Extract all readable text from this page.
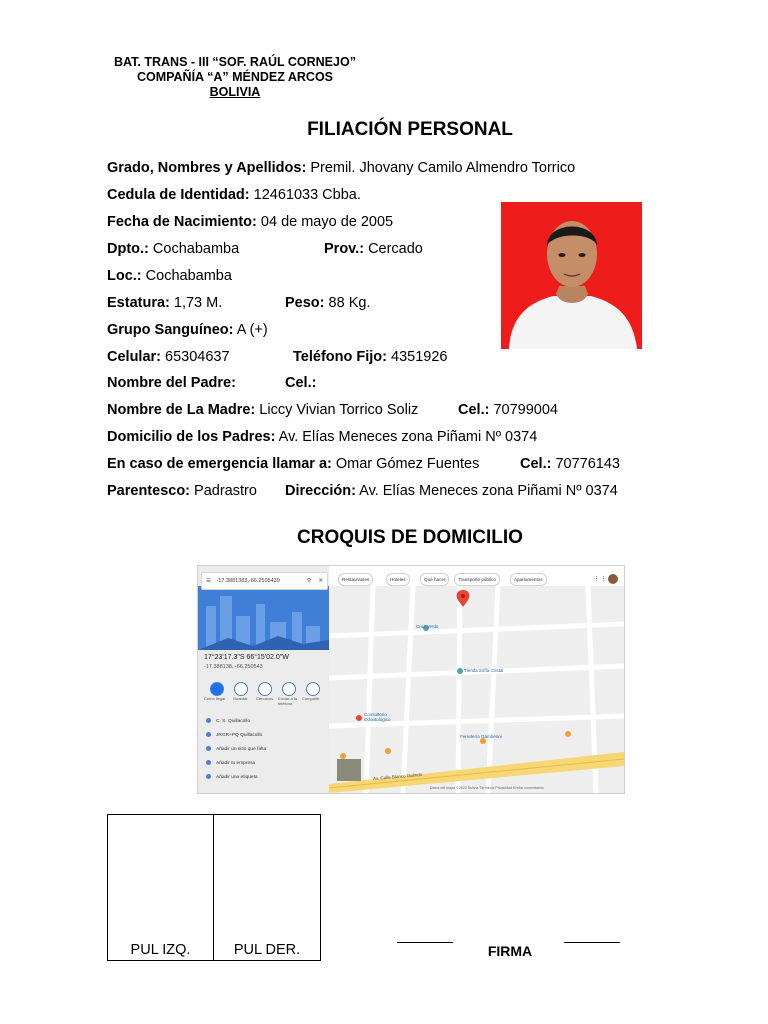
BAT. TRANS - III “SOF. RAÚL CORNEJO”
COMPAÑÍA “A” MÉNDEZ ARCOS
BOLIVIA
FILIACIÓN PERSONAL
Grado, Nombres y Apellidos: Premil. Jhovany Camilo Almendro Torrico
Cedula de Identidad: 12461033 Cbba.
Fecha de Nacimiento: 04 de mayo de 2005
Dpto.: Cochabamba	Prov.: Cercado
Loc.: Cochabamba
Estatura: 1,73 M.	Peso: 88 Kg.
Grupo Sanguíneo: A (+)
Celular: 65304637	Teléfono Fijo: 4351926
Nombre del Padre:	Cel.:
Nombre de La Madre: Liccy Vivian Torrico Soliz	Cel.: 70799004
Domicilio de los Padres: Av. Elías Meneces zona Piñami Nº 0374
En caso de emergencia llamar a: Omar Gómez Fuentes	Cel.: 70776143
Parentesco: Padrastro Dirección: Av. Elías Meneces zona Piñami Nº 0374
CROQUIS DE DOMICILIO
☰ -17.3881383,-66.2505439	⚲ ✕
17°23'17.3"S 66°15'02.0"W
-17.388138, -66.250543
Cómo llegar Guardar Cercanos Enviar a tu teléfono
Compartir
C. S. Quillacollo
JRGR+PQ Quillacollo
Añadir un sitio que falta
Añadir tu empresa
Añadir una etiqueta
Restaurantes	Hoteles	Qué hacer	Transporte público	Apartamentos	⋮⋮
Tienda Sofía Cristal
Ferretería Gamberini
Cruz Verde
Consultorio Odontológico
Av. Calle Blanco Galindo
Datos del mapa ©2022 Bolivia Términos Privacidad Enviar comentarios
PUL IZQ.	PUL DER.	FIRMA
